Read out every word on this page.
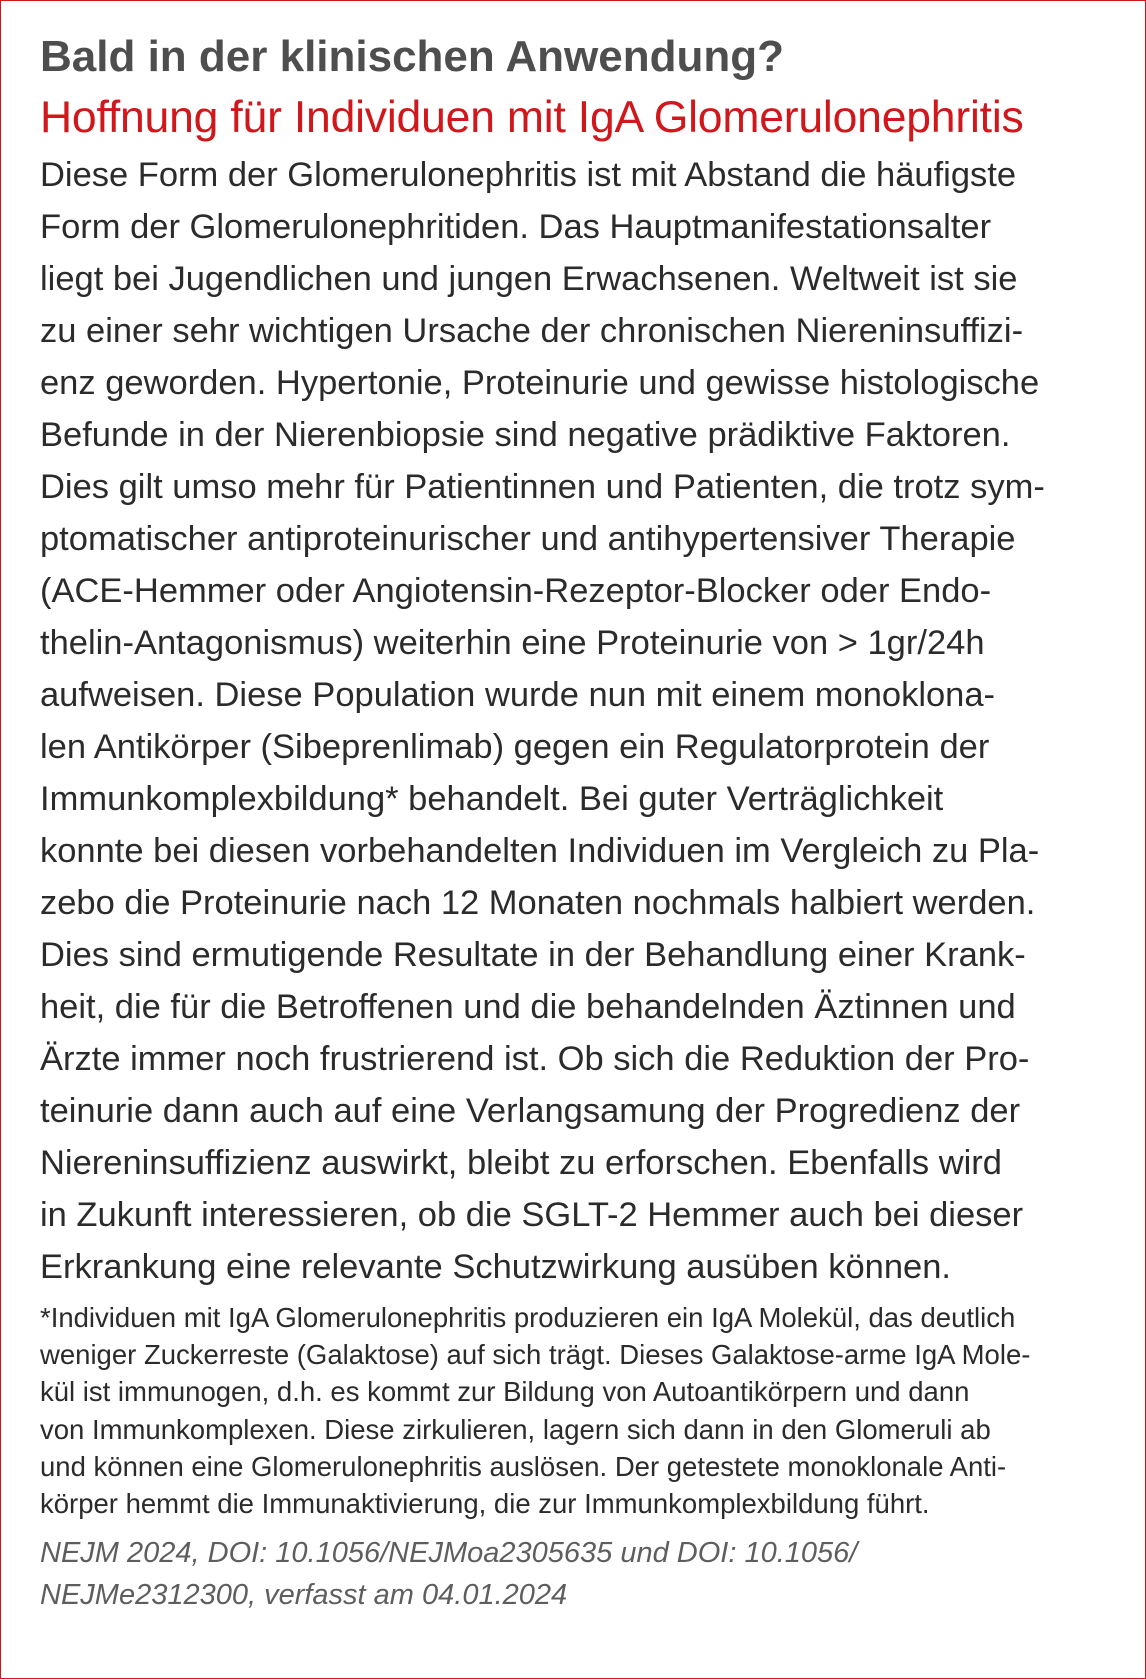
Bald in der klinischen Anwendung?
Hoffnung für Individuen mit IgA Glomerulonephritis
Diese Form der Glomerulonephritis ist mit Abstand die häufigste
Form der Glomerulonephritiden. Das Hauptmanifestationsalter
liegt bei Jugendlichen und jungen Erwachsenen. Weltweit ist sie
zu einer sehr wichtigen Ursache der chronischen Niereninsuffizi-
enz geworden. Hypertonie, Proteinurie und gewisse histologische
Befunde in der Nierenbiopsie sind negative prädiktive Faktoren.
Dies gilt umso mehr für Patientinnen und Patienten, die trotz sym-
ptomatischer antiproteinurischer und antihypertensiver Therapie
(ACE-Hemmer oder Angiotensin-Rezeptor-Blocker oder Endo-
thelin-Antagonismus) weiterhin eine Proteinurie von > 1gr/24h
aufweisen. Diese Population wurde nun mit einem monoklona-
len Antikörper (Sibeprenlimab) gegen ein Regulatorprotein der
Immunkomplexbildung* behandelt. Bei guter Verträglichkeit
konnte bei diesen vorbehandelten Individuen im Vergleich zu Pla-
zebo die Proteinurie nach 12 Monaten nochmals halbiert werden.
Dies sind ermutigende Resultate in der Behandlung einer Krank-
heit, die für die Betroffenen und die behandelnden Äztinnen und
Ärzte immer noch frustrierend ist. Ob sich die Reduktion der Pro-
teinurie dann auch auf eine Verlangsamung der Progredienz der
Niereninsuffizienz auswirkt, bleibt zu erforschen. Ebenfalls wird
in Zukunft interessieren, ob die SGLT-2 Hemmer auch bei dieser
Erkrankung eine relevante Schutzwirkung ausüben können.
*Individuen mit IgA Glomerulonephritis produzieren ein IgA Molekül, das deutlich
weniger Zuckerreste (Galaktose) auf sich trägt. Dieses Galaktose-arme IgA Mole-
kül ist immunogen, d.h. es kommt zur Bildung von Autoantikörpern und dann
von Immunkomplexen. Diese zirkulieren, lagern sich dann in den Glomeruli ab
und können eine Glomerulonephritis auslösen. Der getestete monoklonale Anti-
körper hemmt die Immunaktivierung, die zur Immunkomplexbildung führt.
NEJM 2024, DOI: 10.1056/NEJMoa2305635 und DOI: 10.1056/
NEJMe2312300, verfasst am 04.01.2024
